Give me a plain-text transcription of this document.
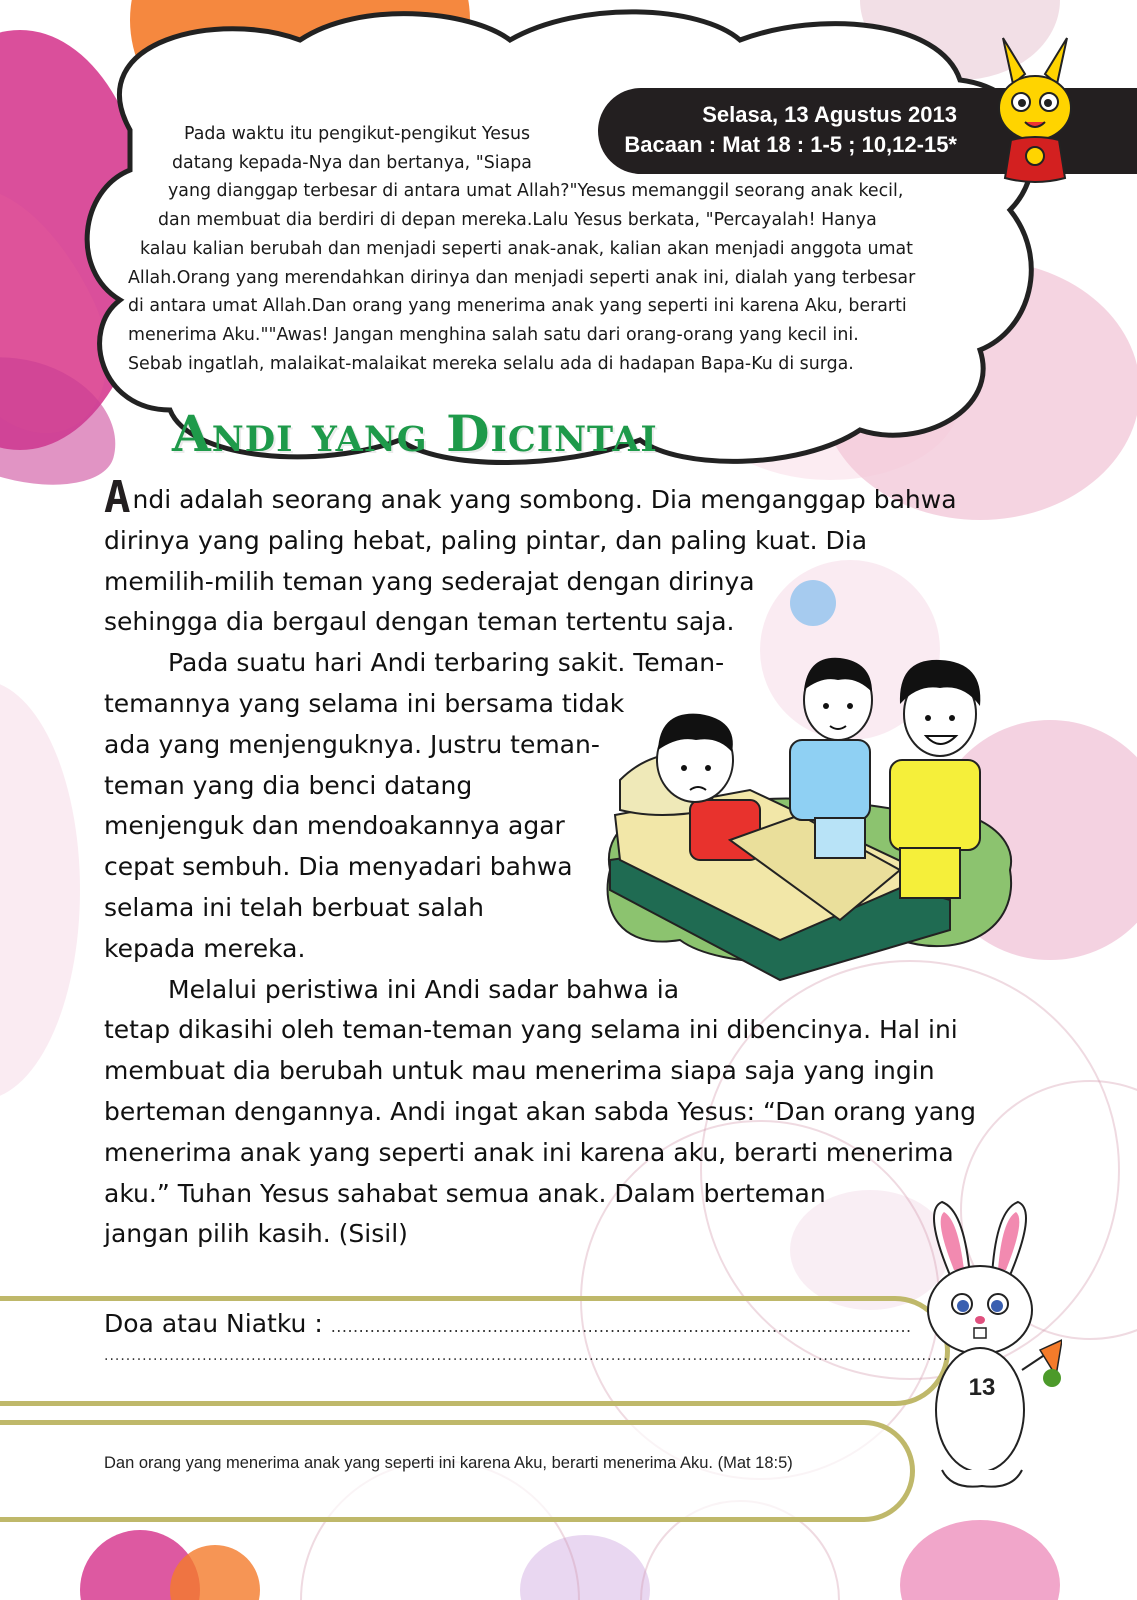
Selasa, 13 Agustus 2013
Bacaan : Mat 18 : 1-5 ; 10,12-15*
Pada waktu itu pengikut-pengikut Yesus
datang kepada-Nya dan bertanya, "Siapa
yang dianggap terbesar di antara umat Allah?"Yesus memanggil seorang anak kecil,
dan membuat dia berdiri di depan mereka.Lalu Yesus berkata, "Percayalah! Hanya
kalau kalian berubah dan menjadi seperti anak-anak, kalian akan menjadi anggota umat
Allah.Orang yang merendahkan dirinya dan menjadi seperti anak ini, dialah yang terbesar
di antara umat Allah.Dan orang yang menerima anak yang seperti ini karena Aku, berarti
menerima Aku.""Awas! Jangan menghina salah satu dari orang-orang yang kecil ini.
Sebab ingatlah, malaikat-malaikat mereka selalu ada di hadapan Bapa-Ku di surga.
Andi yang Dicintai
Andi adalah seorang anak yang sombong. Dia menganggap bahwa
dirinya yang paling hebat, paling pintar, dan paling kuat. Dia
memilih-milih teman yang sederajat dengan dirinya
sehingga dia bergaul dengan teman tertentu saja.
Pada suatu hari Andi terbaring sakit. Teman-
temannya yang selama ini bersama tidak
ada yang menjenguknya. Justru teman-
teman yang dia benci datang
menjenguk dan mendoakannya agar
cepat sembuh. Dia menyadari bahwa
selama ini telah berbuat salah
kepada mereka.
Melalui peristiwa ini Andi sadar bahwa ia
tetap dikasihi oleh teman-teman yang selama ini dibencinya. Hal ini
membuat dia berubah untuk mau menerima siapa saja yang ingin
berteman dengannya. Andi ingat akan sabda Yesus: “Dan orang yang
menerima anak yang seperti anak ini karena aku, berarti menerima
aku.” Tuhan Yesus sahabat semua anak. Dalam berteman
jangan pilih kasih. (Sisil)
Doa atau Niatku : ........................................................................................................
...........................................................................................................................................................
Dan orang yang menerima anak yang seperti ini karena Aku, berarti menerima Aku. (Mat 18:5)
13
